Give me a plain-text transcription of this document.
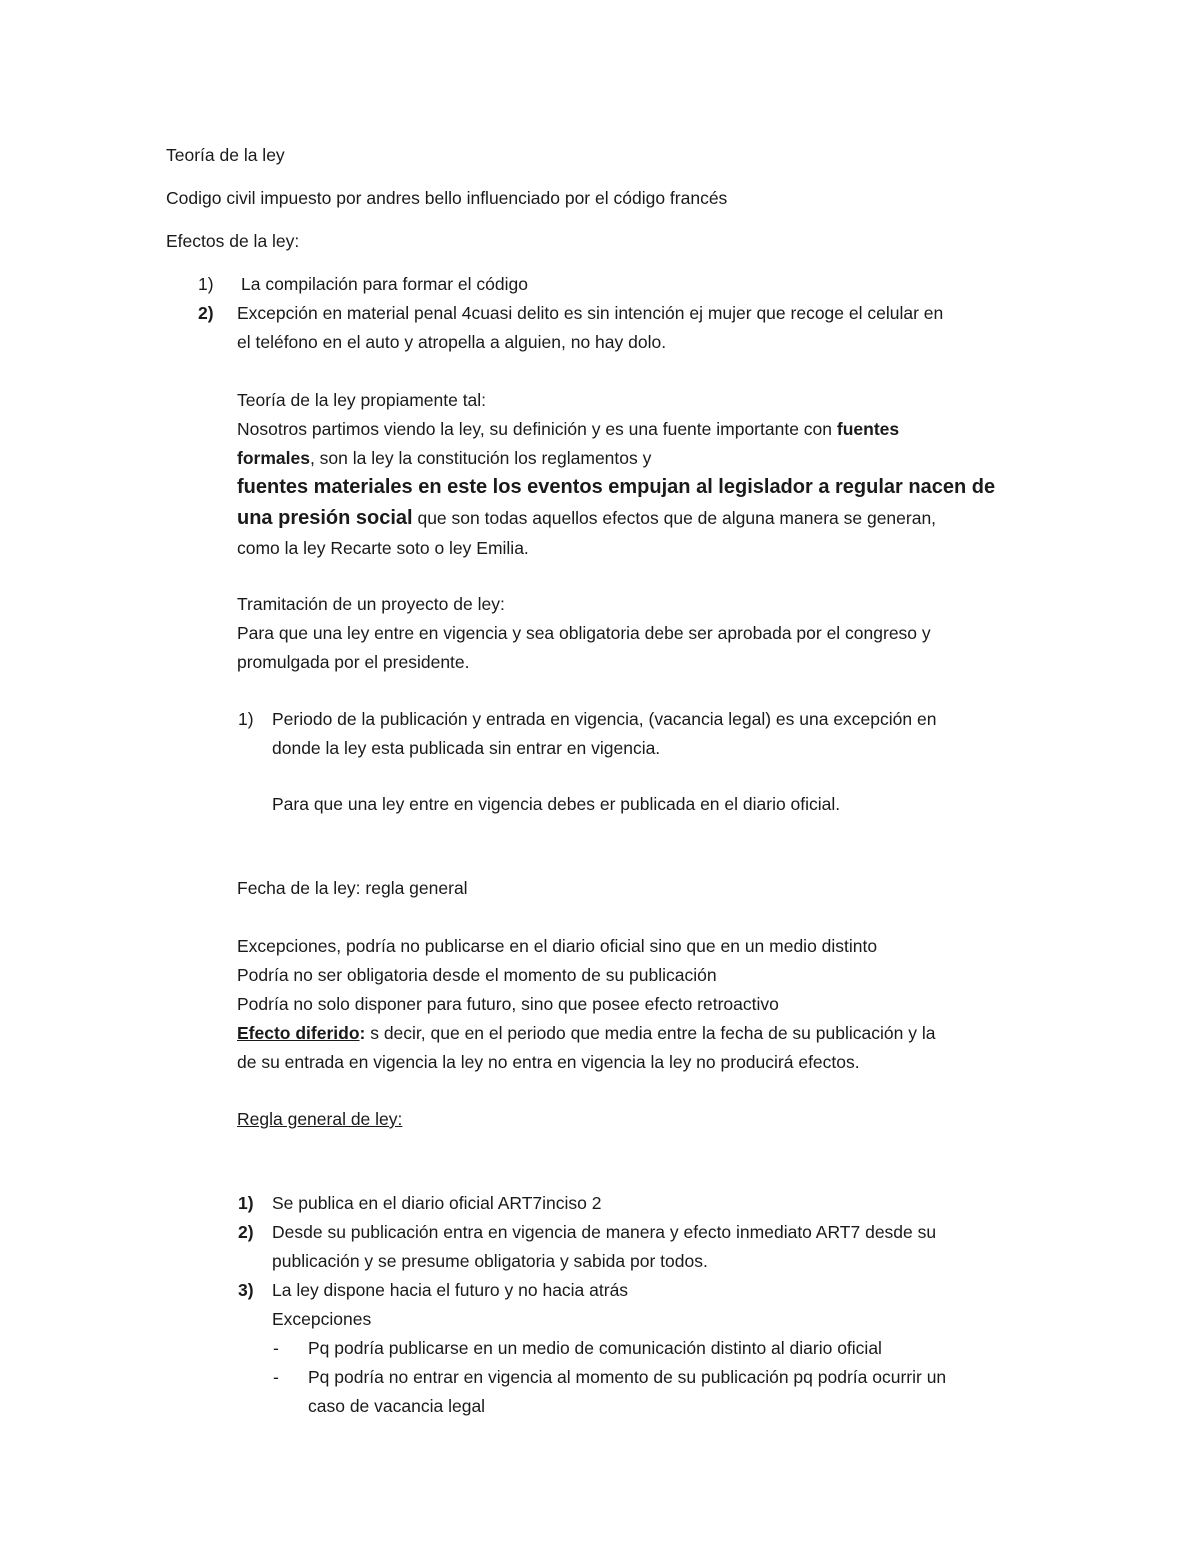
Teoría de la ley
Codigo civil impuesto por andres bello influenciado por el código francés
Efectos de la ley:
1) La compilación para formar el código
2) Excepción en material penal 4cuasi delito es sin intención ej mujer que recoge el celular en
el teléfono en el auto y atropella a alguien, no hay dolo.
Teoría de la ley propiamente tal:
Nosotros partimos viendo la ley, su definición y es una fuente importante con fuentes
formales, son la ley la constitución los reglamentos y
fuentes materiales en este los eventos empujan al legislador a regular nacen de
una presión social que son todas aquellos efectos que de alguna manera se generan,
como la ley Recarte soto o ley Emilia.
Tramitación de un proyecto de ley:
Para que una ley entre en vigencia y sea obligatoria debe ser aprobada por el congreso y
promulgada por el presidente.
1) Periodo de la publicación y entrada en vigencia, (vacancia legal) es una excepción en
donde la ley esta publicada sin entrar en vigencia.
Para que una ley entre en vigencia debes er publicada en el diario oficial.
Fecha de la ley: regla general
Excepciones, podría no publicarse en el diario oficial sino que en un medio distinto
Podría no ser obligatoria desde el momento de su publicación
Podría no solo disponer para futuro, sino que posee efecto retroactivo
Efecto diferido: s decir, que en el periodo que media entre la fecha de su publicación y la
de su entrada en vigencia la ley no entra en vigencia la ley no producirá efectos.
Regla general de ley:
1) Se publica en el diario oficial ART7inciso 2
2) Desde su publicación entra en vigencia de manera y efecto inmediato ART7 desde su
publicación y se presume obligatoria y sabida por todos.
3) La ley dispone hacia el futuro y no hacia atrás
Excepciones
- Pq podría publicarse en un medio de comunicación distinto al diario oficial
- Pq podría no entrar en vigencia al momento de su publicación pq podría ocurrir un
caso de vacancia legal
